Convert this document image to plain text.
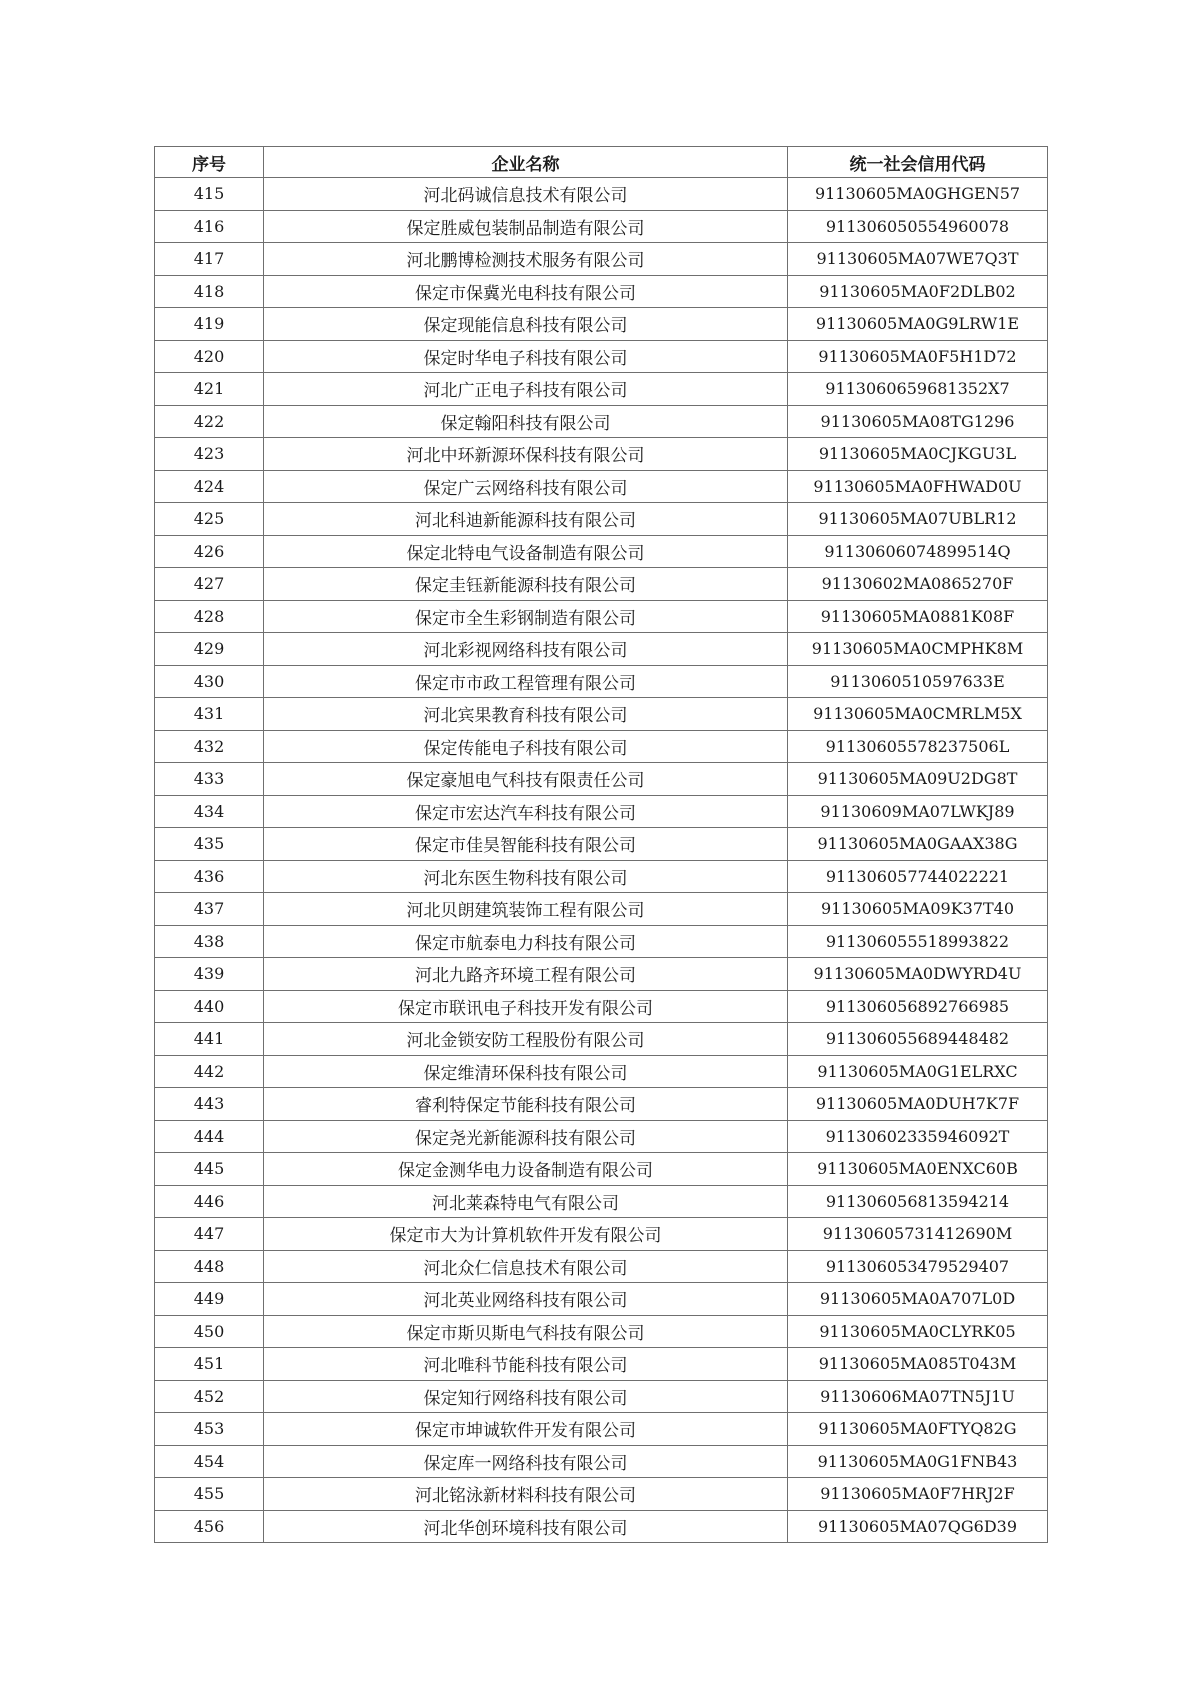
序号	企业名称	统一社会信用代码
415	河北码诚信息技术有限公司	91130605MA0GHGEN57
416	保定胜威包装制品制造有限公司	911306050554960078
417	河北鹏博检测技术服务有限公司	91130605MA07WE7Q3T
418	保定市保冀光电科技有限公司	91130605MA0F2DLB02
419	保定现能信息科技有限公司	91130605MA0G9LRW1E
420	保定时华电子科技有限公司	91130605MA0F5H1D72
421	河北广正电子科技有限公司	9113060659681352X7
422	保定翰阳科技有限公司	91130605MA08TG1296
423	河北中环新源环保科技有限公司	91130605MA0CJKGU3L
424	保定广云网络科技有限公司	91130605MA0FHWAD0U
425	河北科迪新能源科技有限公司	91130605MA07UBLR12
426	保定北特电气设备制造有限公司	91130606074899514Q
427	保定圭钰新能源科技有限公司	91130602MA0865270F
428	保定市全生彩钢制造有限公司	91130605MA0881K08F
429	河北彩视网络科技有限公司	91130605MA0CMPHK8M
430	保定市市政工程管理有限公司	9113060510597633E
431	河北宾果教育科技有限公司	91130605MA0CMRLM5X
432	保定传能电子科技有限公司	91130605578237506L
433	保定豪旭电气科技有限责任公司	91130605MA09U2DG8T
434	保定市宏达汽车科技有限公司	91130609MA07LWKJ89
435	保定市佳昊智能科技有限公司	91130605MA0GAAX38G
436	河北东医生物科技有限公司	911306057744022221
437	河北贝朗建筑装饰工程有限公司	91130605MA09K37T40
438	保定市航泰电力科技有限公司	911306055518993822
439	河北九路齐环境工程有限公司	91130605MA0DWYRD4U
440	保定市联讯电子科技开发有限公司	911306056892766985
441	河北金锁安防工程股份有限公司	911306055689448482
442	保定维清环保科技有限公司	91130605MA0G1ELRXC
443	睿利特保定节能科技有限公司	91130605MA0DUH7K7F
444	保定尧光新能源科技有限公司	91130602335946092T
445	保定金测华电力设备制造有限公司	91130605MA0ENXC60B
446	河北莱森特电气有限公司	911306056813594214
447	保定市大为计算机软件开发有限公司	91130605731412690M
448	河北众仁信息技术有限公司	911306053479529407
449	河北英业网络科技有限公司	91130605MA0A707L0D
450	保定市斯贝斯电气科技有限公司	91130605MA0CLYRK05
451	河北唯科节能科技有限公司	91130605MA085T043M
452	保定知行网络科技有限公司	91130606MA07TN5J1U
453	保定市坤诚软件开发有限公司	91130605MA0FTYQ82G
454	保定库一网络科技有限公司	91130605MA0G1FNB43
455	河北铭泳新材料科技有限公司	91130605MA0F7HRJ2F
456	河北华创环境科技有限公司	91130605MA07QG6D39
